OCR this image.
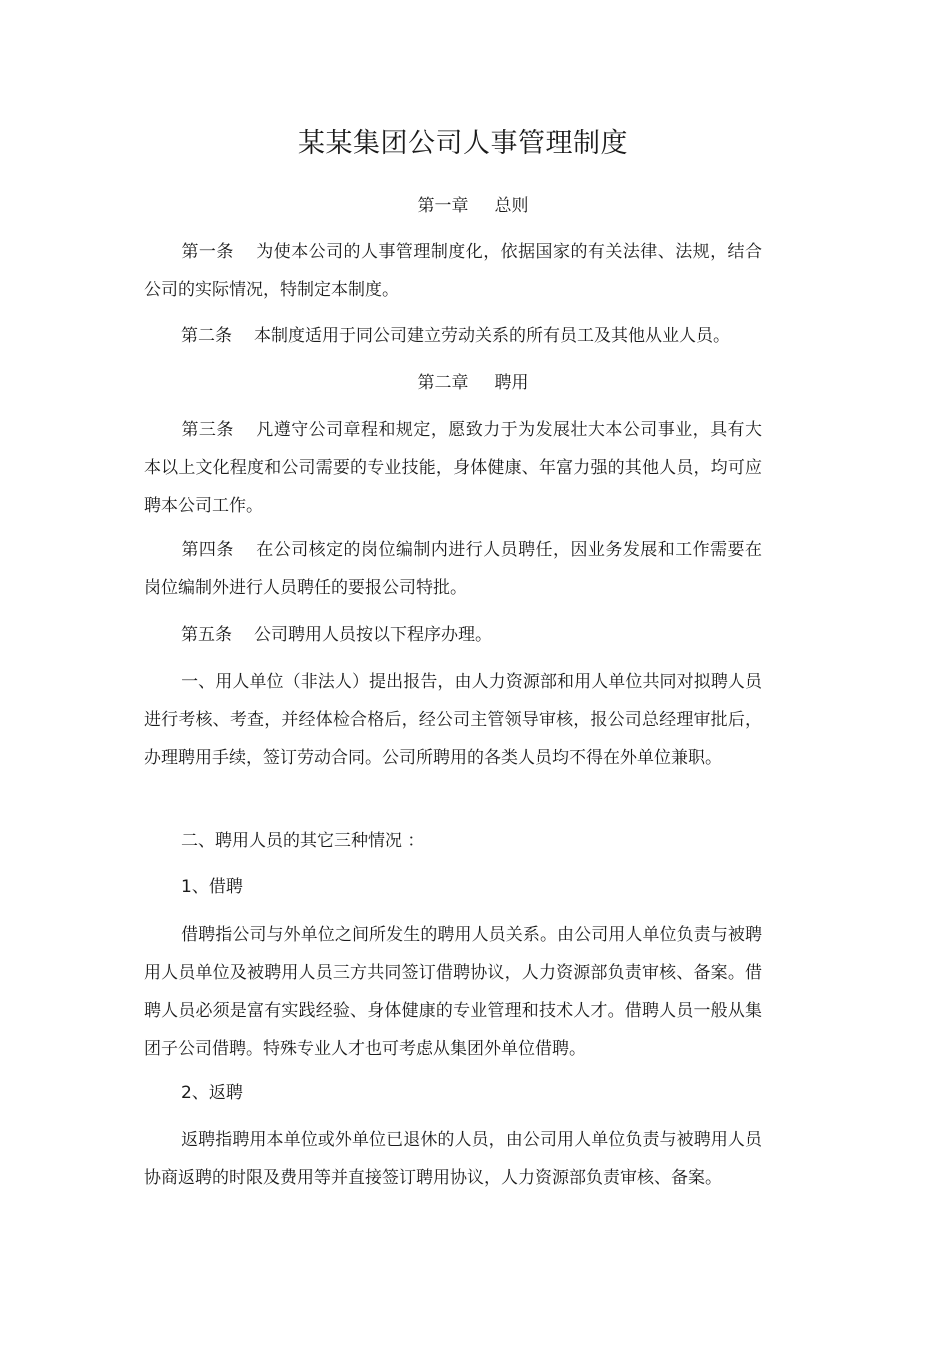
某某集团公司人事管理制度

第一章 总则

第一条 为使本公司的人事管理制度化，依据国家的有关法律、法规，结合公司的实际情况，特制定本制度。

第二条 本制度适用于同公司建立劳动关系的所有员工及其他从业人员。

第二章 聘用

第三条 凡遵守公司章程和规定，愿致力于为发展壮大本公司事业，具有大本以上文化程度和公司需要的专业技能，身体健康、年富力强的其他人员，均可应聘本公司工作。

第四条 在公司核定的岗位编制内进行人员聘任，因业务发展和工作需要在岗位编制外进行人员聘任的要报公司特批。

第五条 公司聘用人员按以下程序办理。

一、用人单位（非法人）提出报告，由人力资源部和用人单位共同对拟聘人员进行考核、考查，并经体检合格后，经公司主管领导审核，报公司总经理审批后，办理聘用手续，签订劳动合同。公司所聘用的各类人员均不得在外单位兼职。

二、聘用人员的其它三种情况 ：

1、借聘

借聘指公司与外单位之间所发生的聘用人员关系。由公司用人单位负责与被聘用人员单位及被聘用人员三方共同签订借聘协议，人力资源部负责审核、备案。借聘人员必须是富有实践经验、身体健康的专业管理和技术人才。借聘人员一般从集团子公司借聘。特殊专业人才也可考虑从集团外单位借聘。

2、返聘

返聘指聘用本单位或外单位已退休的人员，由公司用人单位负责与被聘用人员协商返聘的时限及费用等并直接签订聘用协议，人力资源部负责审核、备案。
